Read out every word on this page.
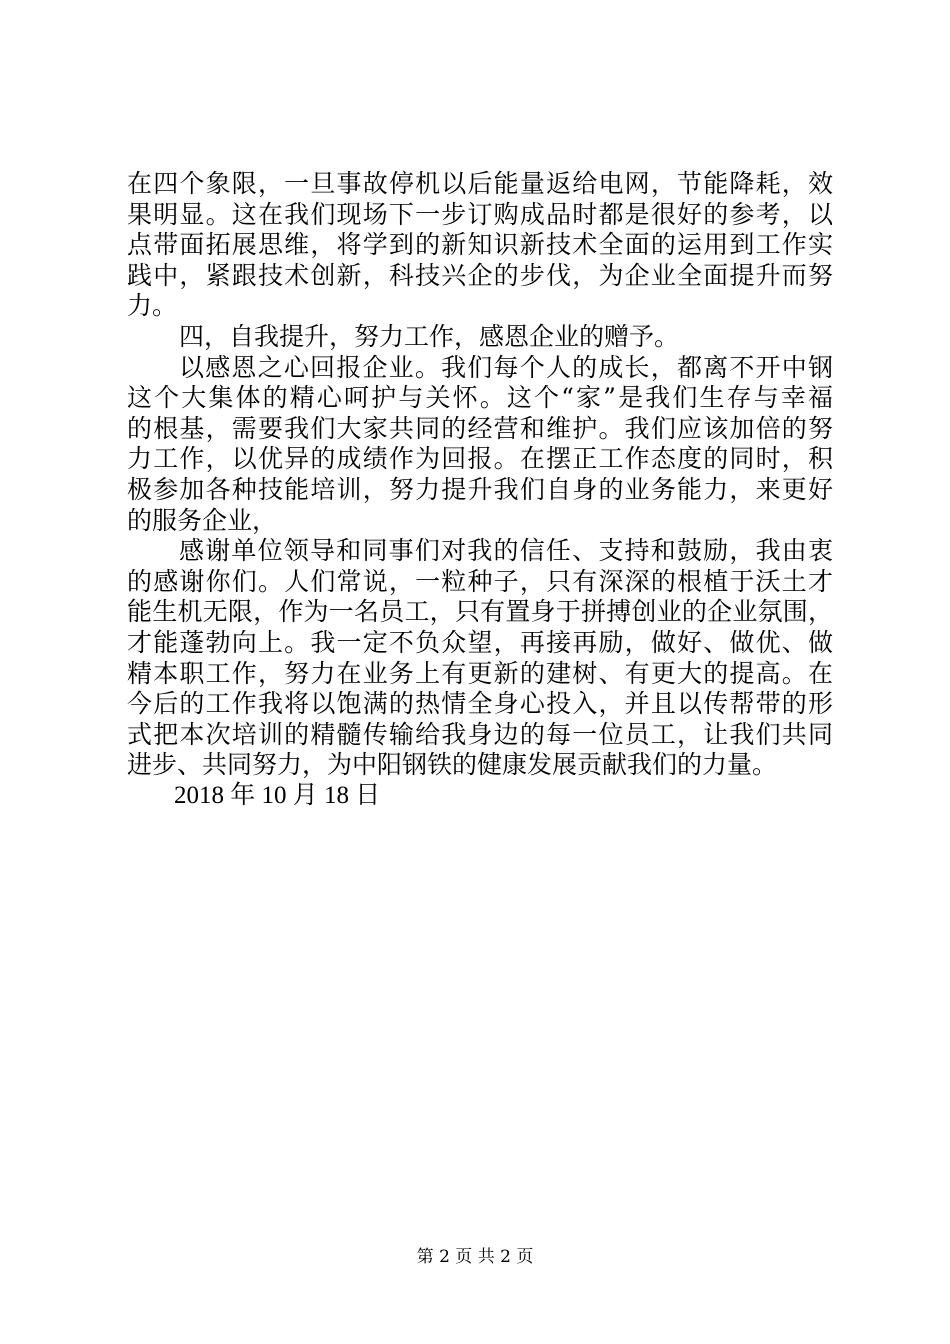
在四个象限，一旦事故停机以后能量返给电网，节能降耗，效
果明显。这在我们现场下一步订购成品时都是很好的参考，以
点带面拓展思维，将学到的新知识新技术全面的运用到工作实
践中，紧跟技术创新，科技兴企的步伐，为企业全面提升而努
力。
四，自我提升，努力工作，感恩企业的赠予。
以感恩之心回报企业。我们每个人的成长，都离不开中钢
这个大集体的精心呵护与关怀。这个“家”是我们生存与幸福
的根基，需要我们大家共同的经营和维护。我们应该加倍的努
力工作，以优异的成绩作为回报。在摆正工作态度的同时，积
极参加各种技能培训，努力提升我们自身的业务能力，来更好
的服务企业，
感谢单位领导和同事们对我的信任、支持和鼓励，我由衷
的感谢你们。人们常说，一粒种子，只有深深的根植于沃土才
能生机无限，作为一名员工，只有置身于拼搏创业的企业氛围，
才能蓬勃向上。我一定不负众望，再接再励，做好、做优、做
精本职工作，努力在业务上有更新的建树、有更大的提高。在
今后的工作我将以饱满的热情全身心投入，并且以传帮带的形
式把本次培训的精髓传输给我身边的每一位员工，让我们共同
进步、共同努力，为中阳钢铁的健康发展贡献我们的力量。
2018 年 10 月 18 日
第 2 页 共 2 页
